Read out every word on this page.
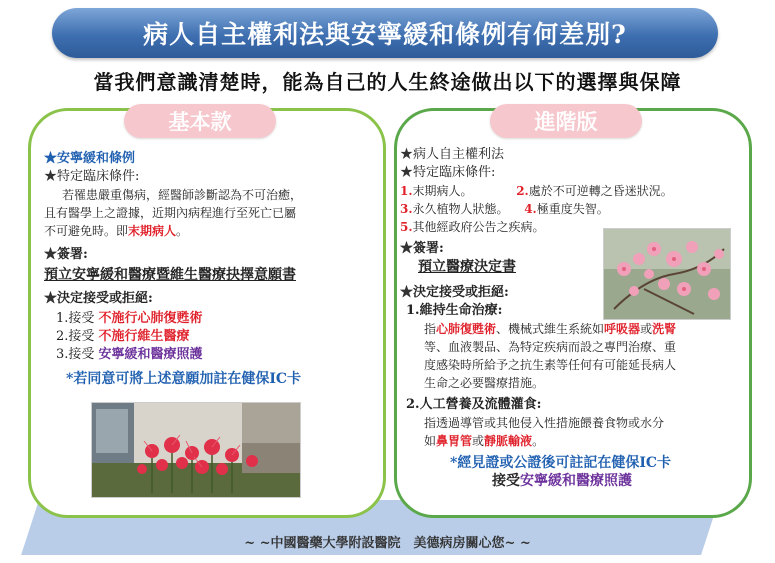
病人自主權利法與安寧緩和條例有何差別?
當我們意識清楚時，能為自己的人生終途做出以下的選擇與保障
基本款
★安寧緩和條例
★特定臨床條件:
若罹患嚴重傷病，經醫師診斷認為不可治癒，
且有醫學上之證據，近期內病程進行至死亡已屬
不可避免時。即末期病人。
★簽署:
預立安寧緩和醫療暨維生醫療抉擇意願書
★決定接受或拒絕:
1.接受 不施行心肺復甦術
2.接受 不施行維生醫療
3.接受 安寧緩和醫療照護
*若同意可將上述意願加註在健保IC卡
進階版
★病人自主權利法
★特定臨床條件:
1.末期病人。	2.處於不可逆轉之昏迷狀況。
3.永久植物人狀態。 4.極重度失智。
5.其他經政府公告之疾病。
★簽署:
預立醫療決定書
★決定接受或拒絕:
1.維持生命治療:
指心肺復甦術、機械式維生系統如呼吸器或洗腎
等、血液製品、為特定疾病而設之專門治療、重
度感染時所給予之抗生素等任何有可能延長病人
生命之必要醫療措施。
2.人工營養及流體灌食:
指透過導管或其他侵入性措施餵養食物或水分
如鼻胃管或靜脈輸液。
*經見證或公證後可註記在健保IC卡
接受安寧緩和醫療照護
~ ~中國醫藥大學附設醫院　美德病房關心您~ ~
